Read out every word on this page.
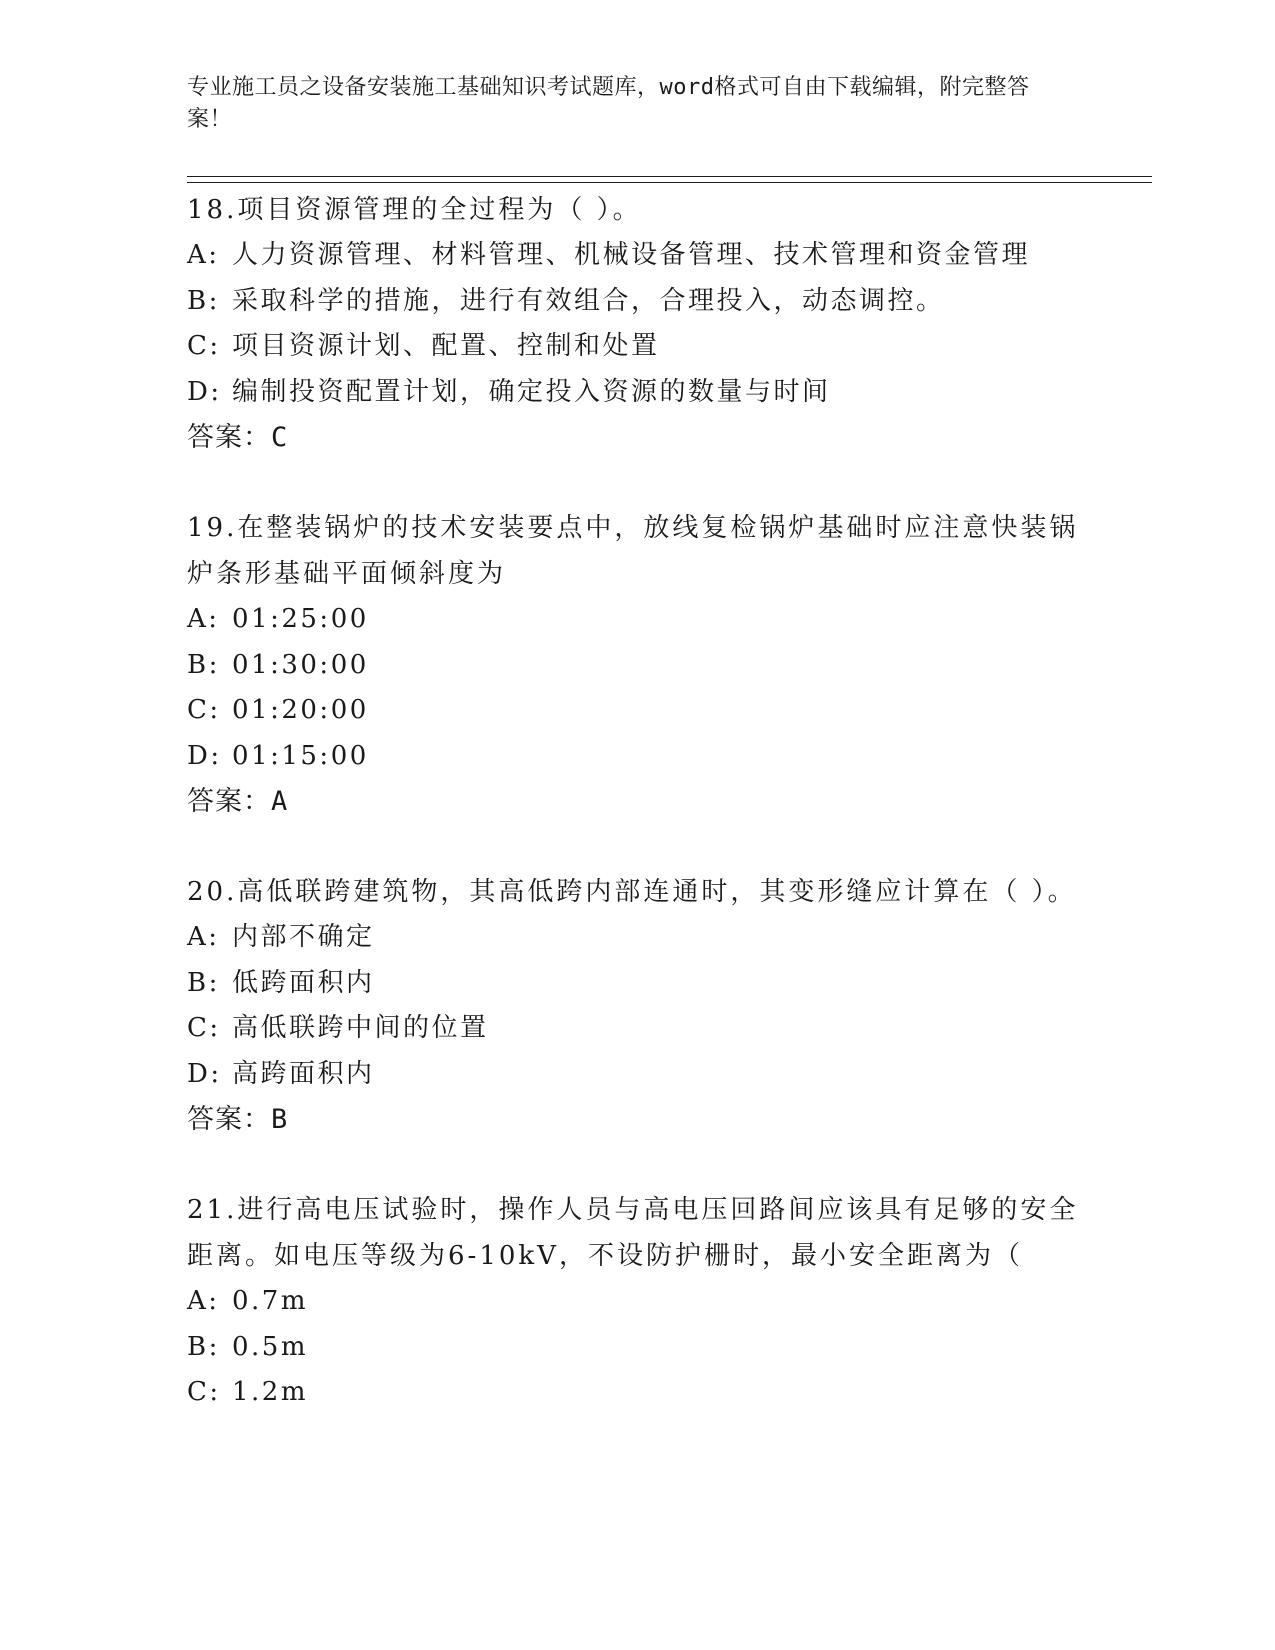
专业施工员之设备安装施工基础知识考试题库，word格式可自由下载编辑，附完整答案！
18.项目资源管理的全过程为（ ）。
A: 人力资源管理、材料管理、机械设备管理、技术管理和资金管理
B: 采取科学的措施，进行有效组合，合理投入，动态调控。
C: 项目资源计划、配置、控制和处置
D: 编制投资配置计划，确定投入资源的数量与时间
答案：C
19.在整装锅炉的技术安装要点中，放线复检锅炉基础时应注意快装锅炉条形基础平面倾斜度为
A: 01:25:00
B: 01:30:00
C: 01:20:00
D: 01:15:00
答案：A
20.高低联跨建筑物，其高低跨内部连通时，其变形缝应计算在（ ）。
A: 内部不确定
B: 低跨面积内
C: 高低联跨中间的位置
D: 高跨面积内
答案：B
21.进行高电压试验时，操作人员与高电压回路间应该具有足够的安全距离。如电压等级为6-10kV，不设防护栅时，最小安全距离为（
A: 0.7m
B: 0.5m
C: 1.2m
